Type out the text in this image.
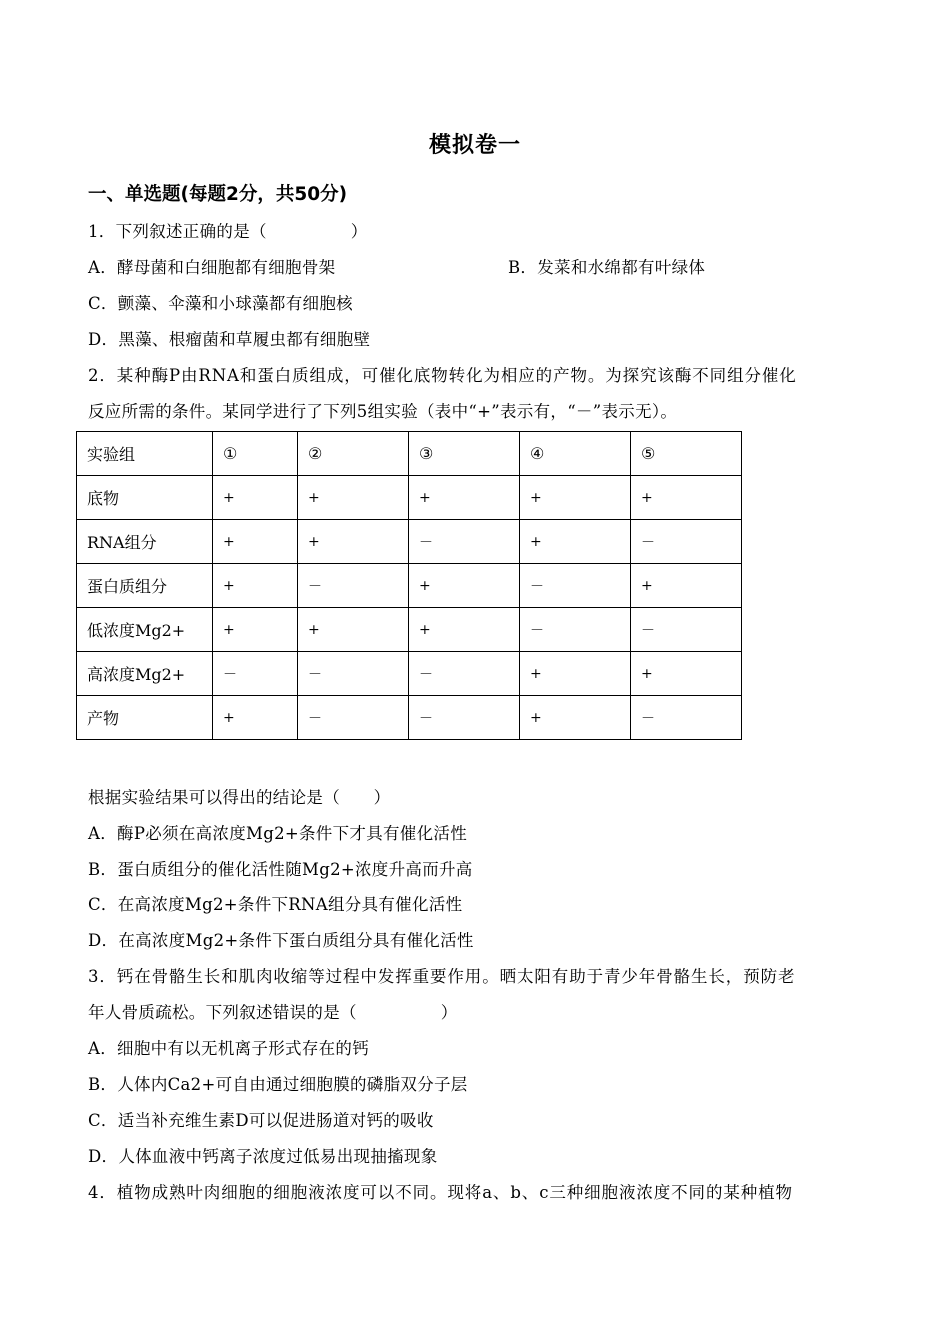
模拟卷一
一、单选题(每题2分，共50分)
1．下列叙述正确的是（　　　　　）
A．酵母菌和白细胞都有细胞骨架	B．发菜和水绵都有叶绿体
C．颤藻、伞藻和小球藻都有细胞核
D．黑藻、根瘤菌和草履虫都有细胞壁
2．某种酶P由RNA和蛋白质组成，可催化底物转化为相应的产物。为探究该酶不同组分催化
反应所需的条件。某同学进行了下列5组实验（表中“+”表示有，“－”表示无）。
实验组	①	②	③	④	⑤
底物	+	+	+	+	+
RNA组分	+	+	－	+	－
蛋白质组分	+	－	+	－	+
低浓度Mg2+	+	+	+	－	－
高浓度Mg2+	－	－	－	+	+
产物	+	－	－	+	－
根据实验结果可以得出的结论是（　　）
A．酶P必须在高浓度Mg2+条件下才具有催化活性
B．蛋白质组分的催化活性随Mg2+浓度升高而升高
C．在高浓度Mg2+条件下RNA组分具有催化活性
D．在高浓度Mg2+条件下蛋白质组分具有催化活性
3．钙在骨骼生长和肌肉收缩等过程中发挥重要作用。晒太阳有助于青少年骨骼生长，预防老
年人骨质疏松。下列叙述错误的是（　　　　　）
A．细胞中有以无机离子形式存在的钙
B．人体内Ca2+可自由通过细胞膜的磷脂双分子层
C．适当补充维生素D可以促进肠道对钙的吸收
D．人体血液中钙离子浓度过低易出现抽搐现象
4．植物成熟叶肉细胞的细胞液浓度可以不同。现将a、b、c三种细胞液浓度不同的某种植物
